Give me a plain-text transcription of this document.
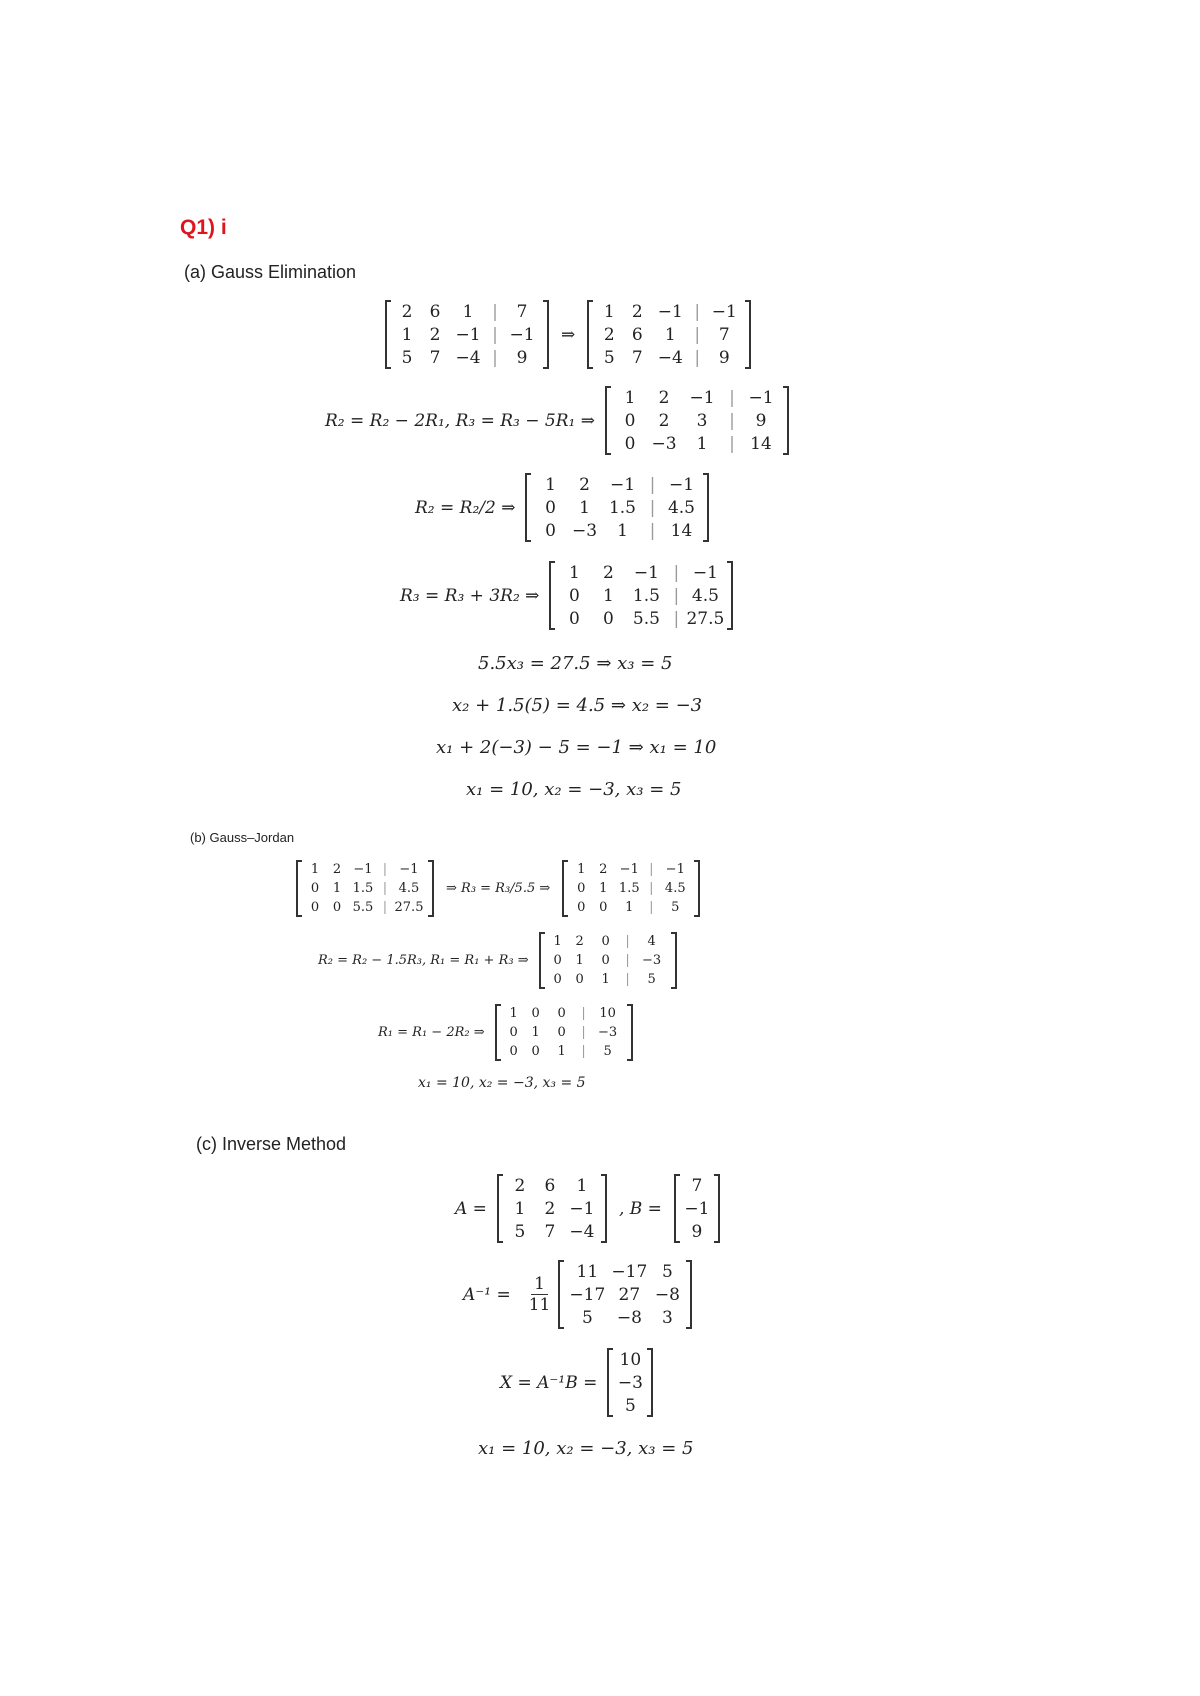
Q1) i
(a) Gauss Elimination
2	6	1	|	7
1	2 −1 | −1
5	7 −4 |	9
⇒
1	2 −1 | −1
2	6	1	|	7
5	7 −4 |	9
R₂ = R₂ − 2R₁, R₃ = R₃ − 5R₁ ⇒
1	2	−1 | −1
0	2	3	|	9
0 −3	1	| 14
R₂ = R₂/2 ⇒
1	2	−1 | −1
0	1	1.5 | 4.5
0 −3	1	| 14
R₃ = R₃ + 3R₂ ⇒
1	2	−1 | −1
0	1	1.5 | 4.5
0	0	5.5 | 27.5
5.5x₃ = 27.5 ⇒ x₃ = 5
x₂ + 1.5(5) = 4.5 ⇒ x₂ = −3
x₁ + 2(−3) − 5 = −1 ⇒ x₁ = 10
x₁ = 10, x₂ = −3, x₃ = 5
(b) Gauss–Jordan
1	2 −1 | −1
0	1 1.5 | 4.5
0	0 5.5 | 27.5
⇒ R₃ = R₃/5.5 ⇒
1	2 −1 | −1
0	1 1.5 | 4.5
0	0	1	|	5
R₂ = R₂ − 1.5R₃, R₁ = R₁ + R₃ ⇒
1	2	0	|	4
0	1	0	| −3
0	0	1	|	5
R₁ = R₁ − 2R₂ ⇒
1	0	0	|	10
0	1	0	| −3
0	0	1	|	5
x₁ = 10, x₂ = −3, x₃ = 5
(c) Inverse Method
A =
2	6	1
1	2 −1
5	7 −4
, B =
7
−1
9
$A^{-1} = \frac{1}{11}$
11 −17 5
−17 27 −8
5	−8	3
X = A⁻¹B =
10
−3
5
x₁ = 10, x₂ = −3, x₃ = 5
